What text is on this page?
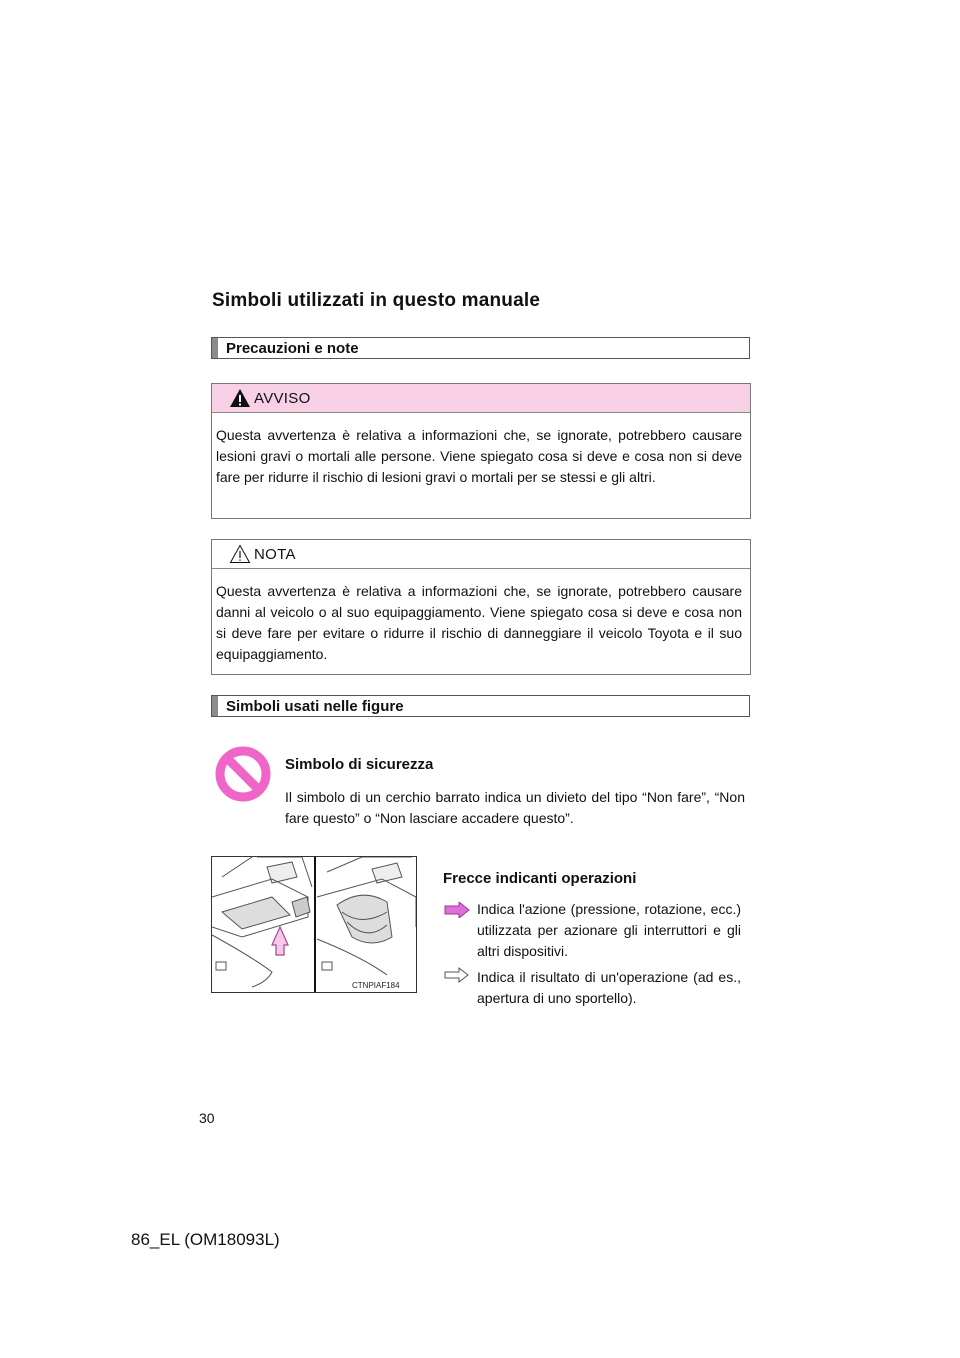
Simboli utilizzati in questo manuale
Precauzioni e note
AVVISO
Questa avvertenza è relativa a informazioni che, se ignorate, potrebbero causare lesioni gravi o mortali alle persone. Viene spiegato cosa si deve e cosa non si deve fare per ridurre il rischio di lesioni gravi o mortali per se stessi e gli altri.
NOTA
Questa avvertenza è relativa a informazioni che, se ignorate, potrebbero causare danni al veicolo o al suo equipaggiamento. Viene spiegato cosa si deve e cosa non si deve fare per evitare o ridurre il rischio di danneggiare il veicolo Toyota e il suo equipaggiamento.
Simboli usati nelle figure
Simbolo di sicurezza
Il simbolo di un cerchio barrato indica un divieto del tipo “Non fare”, “Non fare questo” o “Non lasciare accadere questo”.
CTNPIAF184
Frecce indicanti operazioni
Indica l'azione (pressione, rotazione, ecc.) utilizzata per azionare gli interruttori e gli altri dispositivi.
Indica il risultato di un'operazione (ad es., apertura di uno sportello).
30
86_EL (OM18093L)
